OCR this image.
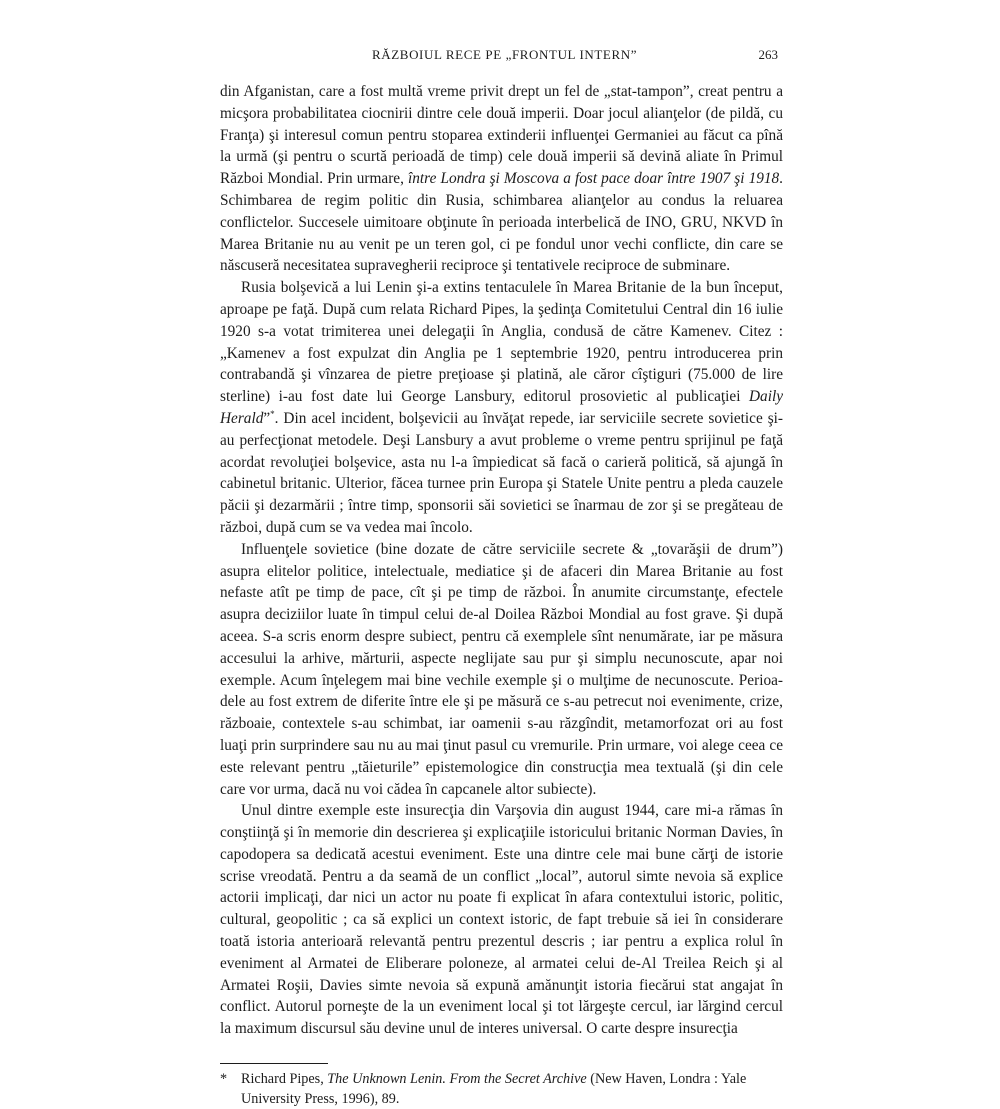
RĂZBOIUL RECE PE „FRONTUL INTERN”	263

din Afganistan, care a fost multă vreme privit drept un fel de „stat-tampon”, creat pentru a micşora probabilitatea ciocnirii dintre cele două imperii. Doar jocul alianţelor (de pildă, cu Franţa) şi interesul comun pentru stoparea extinderii influenţei Germaniei au făcut ca pînă la urmă (şi pentru o scurtă perioadă de timp) cele două imperii să devină aliate în Primul Război Mondial. Prin urmare, între Londra şi Moscova a fost pace doar între 1907 şi 1918. Schimbarea de regim politic din Rusia, schimbarea alianţelor au condus la reluarea conflictelor. Succesele uimitoare obţinute în perioada interbelică de INO, GRU, NKVD în Marea Britanie nu au venit pe un teren gol, ci pe fondul unor vechi conflicte, din care se născuseră necesitatea supravegherii reciproce şi tentativele reciproce de subminare.

Rusia bolşevică a lui Lenin şi-a extins tentaculele în Marea Britanie de la bun început, aproape pe faţă. După cum relata Richard Pipes, la şedinţa Comitetului Central din 16 iulie 1920 s-a votat trimiterea unei delegaţii în Anglia, condusă de către Kamenev. Citez : „Kamenev a fost expulzat din Anglia pe 1 septembrie 1920, pentru introducerea prin contrabandă şi vînzarea de pietre preţioase şi platină, ale căror cîştiguri (75.000 de lire sterline) i-au fost date lui George Lansbury, editorul prosovietic al publicaţiei Daily Herald”*. Din acel incident, bolşevicii au învăţat repede, iar serviciile secrete sovietice şi-au perfecţionat metodele. Deşi Lansbury a avut probleme o vreme pentru sprijinul pe faţă acordat revoluţiei bolşevice, asta nu l-a împiedicat să facă o carieră politică, să ajungă în cabinetul britanic. Ulterior, făcea turnee prin Europa şi Statele Unite pentru a pleda cauzele păcii şi dezarmării ; între timp, sponsorii săi sovietici se înarmau de zor şi se pregăteau de război, după cum se va vedea mai încolo.

Influenţele sovietice (bine dozate de către serviciile secrete & „tovarăşii de drum”) asupra elitelor politice, intelectuale, mediatice şi de afaceri din Marea Britanie au fost nefaste atît pe timp de pace, cît şi pe timp de război. În anumite circumstanţe, efectele asupra deciziilor luate în timpul celui de-al Doilea Război Mondial au fost grave. Şi după aceea. S-a scris enorm despre subiect, pentru că exemplele sînt nenumărate, iar pe măsura accesului la arhive, mărturii, aspecte neglijate sau pur şi simplu necunoscute, apar noi exemple. Acum înţelegem mai bine vechile exemple şi o mulţime de necunoscute. Perioadele au fost extrem de diferite între ele şi pe măsură ce s-au petrecut noi evenimente, crize, războaie, contextele s-au schimbat, iar oamenii s-au răzgîndit, metamorfozat ori au fost luaţi prin surprindere sau nu au mai ţinut pasul cu vremurile. Prin urmare, voi alege ceea ce este relevant pentru „tăieturile” epistemologice din construcţia mea textuală (şi din cele care vor urma, dacă nu voi cădea în capcanele altor subiecte).

Unul dintre exemple este insurecţia din Varşovia din august 1944, care mi-a rămas în conştiinţă şi în memorie din descrierea şi explicaţiile istoricului britanic Norman Davies, în capodopera sa dedicată acestui eveniment. Este una dintre cele mai bune cărţi de istorie scrise vreodată. Pentru a da seamă de un conflict „local”, autorul simte nevoia să explice actorii implicaţi, dar nici un actor nu poate fi explicat în afara contextului istoric, politic, cultural, geopolitic ; ca să explici un context istoric, de fapt trebuie să iei în considerare toată istoria anterioară relevantă pentru prezentul descris ; iar pentru a explica rolul în eveniment al Armatei de Eliberare poloneze, al armatei celui de-Al Treilea Reich şi al Armatei Roşii, Davies simte nevoia să expună amănunţit istoria fiecărui stat angajat în conflict. Autorul porneşte de la un eveniment local şi tot lărgeşte cercul, iar lărgind cercul la maximum discursul său devine unul de interes universal. O carte despre insurecţia

* Richard Pipes, The Unknown Lenin. From the Secret Archive (New Haven, Londra : Yale University Press, 1996), 89.
